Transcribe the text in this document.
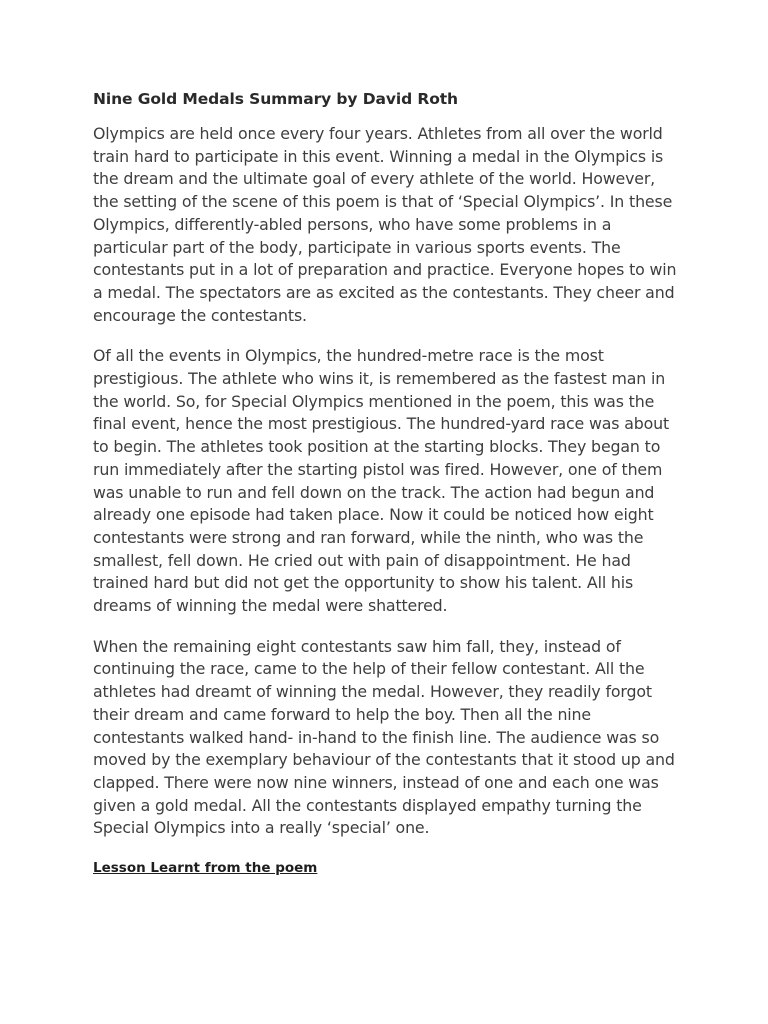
Nine Gold Medals Summary by David Roth

Olympics are held once every four years. Athletes from all over the world train hard to participate in this event. Winning a medal in the Olympics is the dream and the ultimate goal of every athlete of the world. However, the setting of the scene of this poem is that of ‘Special Olympics’. In these Olympics, differently-abled persons, who have some problems in a particular part of the body, participate in various sports events. The contestants put in a lot of preparation and practice. Everyone hopes to win a medal. The spectators are as excited as the contestants. They cheer and encourage the contestants.

Of all the events in Olympics, the hundred-metre race is the most prestigious. The athlete who wins it, is remembered as the fastest man in the world. So, for Special Olympics mentioned in the poem, this was the final event, hence the most prestigious. The hundred-yard race was about to begin. The athletes took position at the starting blocks. They began to run immediately after the starting pistol was fired. However, one of them was unable to run and fell down on the track. The action had begun and already one episode had taken place. Now it could be noticed how eight contestants were strong and ran forward, while the ninth, who was the smallest, fell down. He cried out with pain of disappointment. He had trained hard but did not get the opportunity to show his talent. All his dreams of winning the medal were shattered.

When the remaining eight contestants saw him fall, they, instead of continuing the race, came to the help of their fellow contestant. All the athletes had dreamt of winning the medal. However, they readily forgot their dream and came forward to help the boy. Then all the nine contestants walked hand- in-hand to the finish line. The audience was so moved by the exemplary behaviour of the contestants that it stood up and clapped. There were now nine winners, instead of one and each one was given a gold medal. All the contestants displayed empathy turning the Special Olympics into a really ‘special’ one.

Lesson Learnt from the poem
